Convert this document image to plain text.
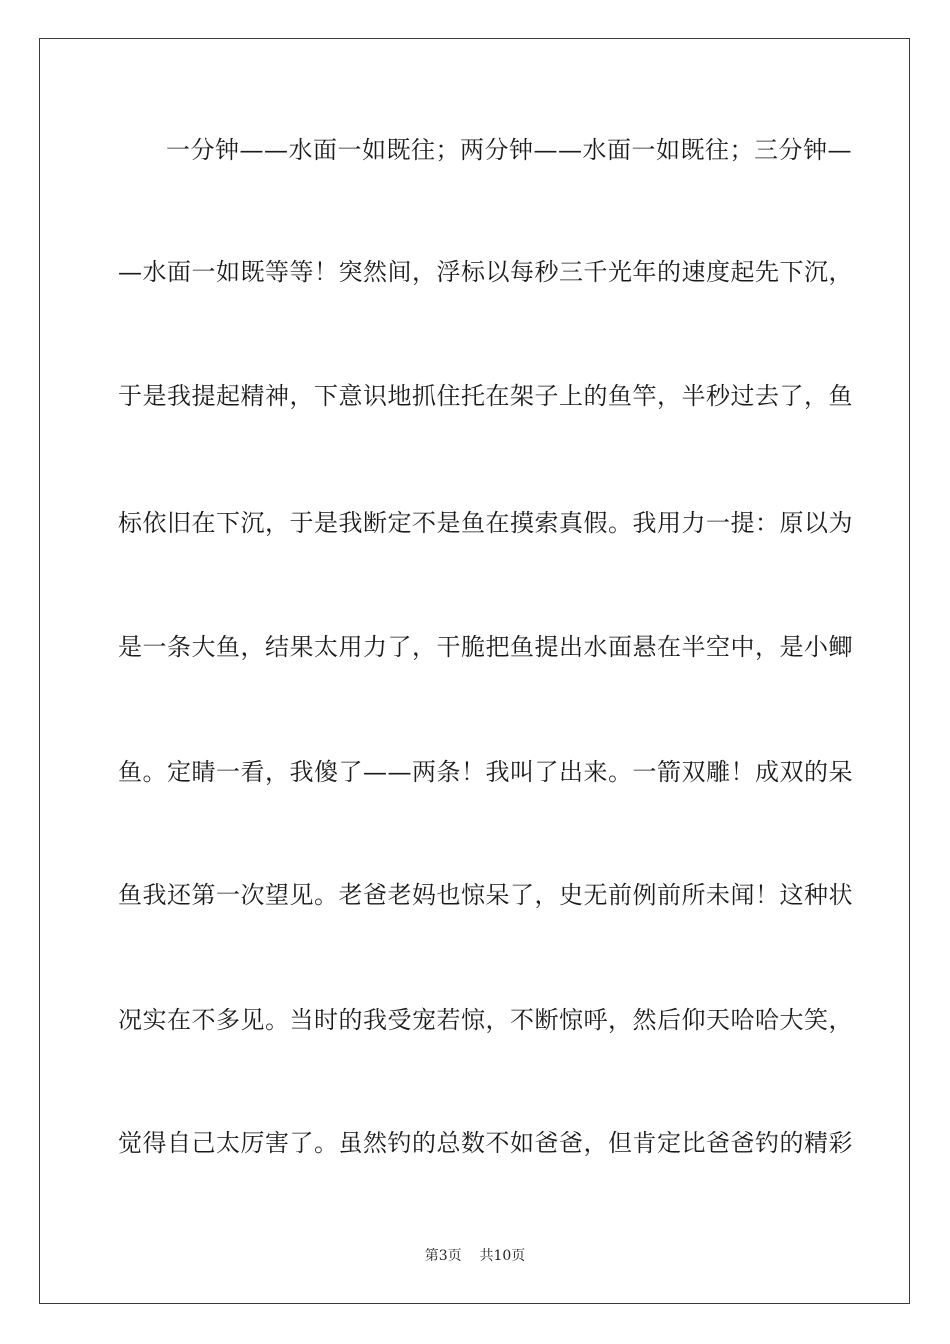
一分钟——水面一如既往；两分钟——水面一如既往；三分钟—
—水面一如既等等！突然间，浮标以每秒三千光年的速度起先下沉，
于是我提起精神，下意识地抓住托在架子上的鱼竿，半秒过去了，鱼
标依旧在下沉，于是我断定不是鱼在摸索真假。我用力一提：原以为
是一条大鱼，结果太用力了，干脆把鱼提出水面悬在半空中，是小鲫
鱼。定睛一看，我傻了——两条！我叫了出来。一箭双雕！成双的呆
鱼我还第一次望见。老爸老妈也惊呆了，史无前例前所未闻！这种状
况实在不多见。当时的我受宠若惊，不断惊呼，然后仰天哈哈大笑，
觉得自己太厉害了。虽然钓的总数不如爸爸，但肯定比爸爸钓的精彩
第3页 共10页
